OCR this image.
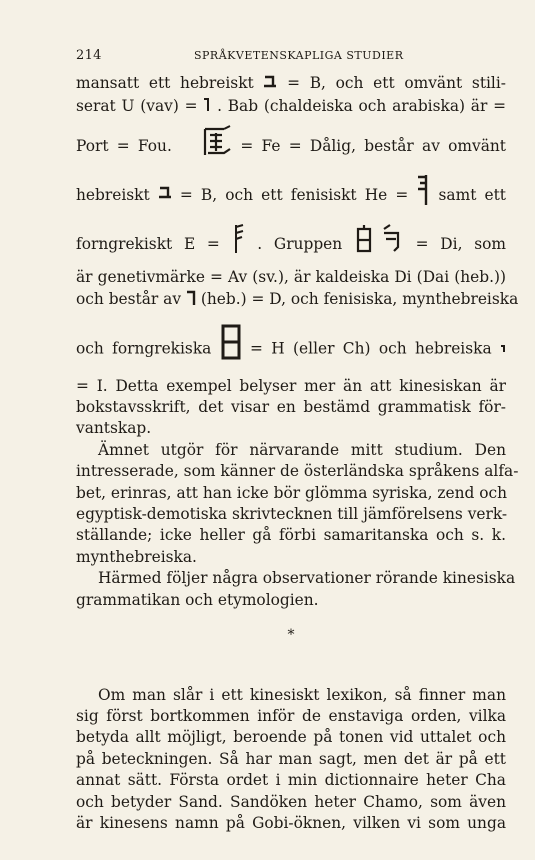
214	SPRÅKVETENSKAPLIGA STUDIER
mansatt ett hebreiskt = B, och ett omvänt stili-
serat U (vav) = . Bab (chaldeiska och arabiska) är =
Port = Fou.	= Fe = Dålig, består av omvänt
hebreiskt = B, och ett fenisiskt He = samt ett
forngrekiskt E = . Gruppen	= Di, som
är genetivmärke = Av (sv.), är kaldeiska Di (Dai (heb.))
och består av (heb.) = D, och fenisiska, mynthebreiska
och forngrekiska	= H (eller Ch) och hebreiska
= I. Detta exempel belyser mer än att kinesiskan är
bokstavsskrift, det visar en bestämd grammatisk för-
vantskap.
Ämnet utgör för närvarande mitt studium. Den
intresserade, som känner de österländska språkens alfa-
bet, erinras, att han icke bör glömma syriska, zend och
egyptisk-demotiska skrivtecknen till jämförelsens verk-
ställande; icke heller gå förbi samaritanska och s. k.
mynthebreiska.
Härmed följer några observationer rörande kinesiska
grammatikan och etymologien.
*
Om man slår i ett kinesiskt lexikon, så finner man
sig först bortkommen inför de enstaviga orden, vilka
betyda allt möjligt, beroende på tonen vid uttalet och
på beteckningen. Så har man sagt, men det är på ett
annat sätt. Första ordet i min dictionnaire heter Cha
och betyder Sand. Sandöken heter Chamo, som även
är kinesens namn på Gobi-öknen, vilken vi som unga
